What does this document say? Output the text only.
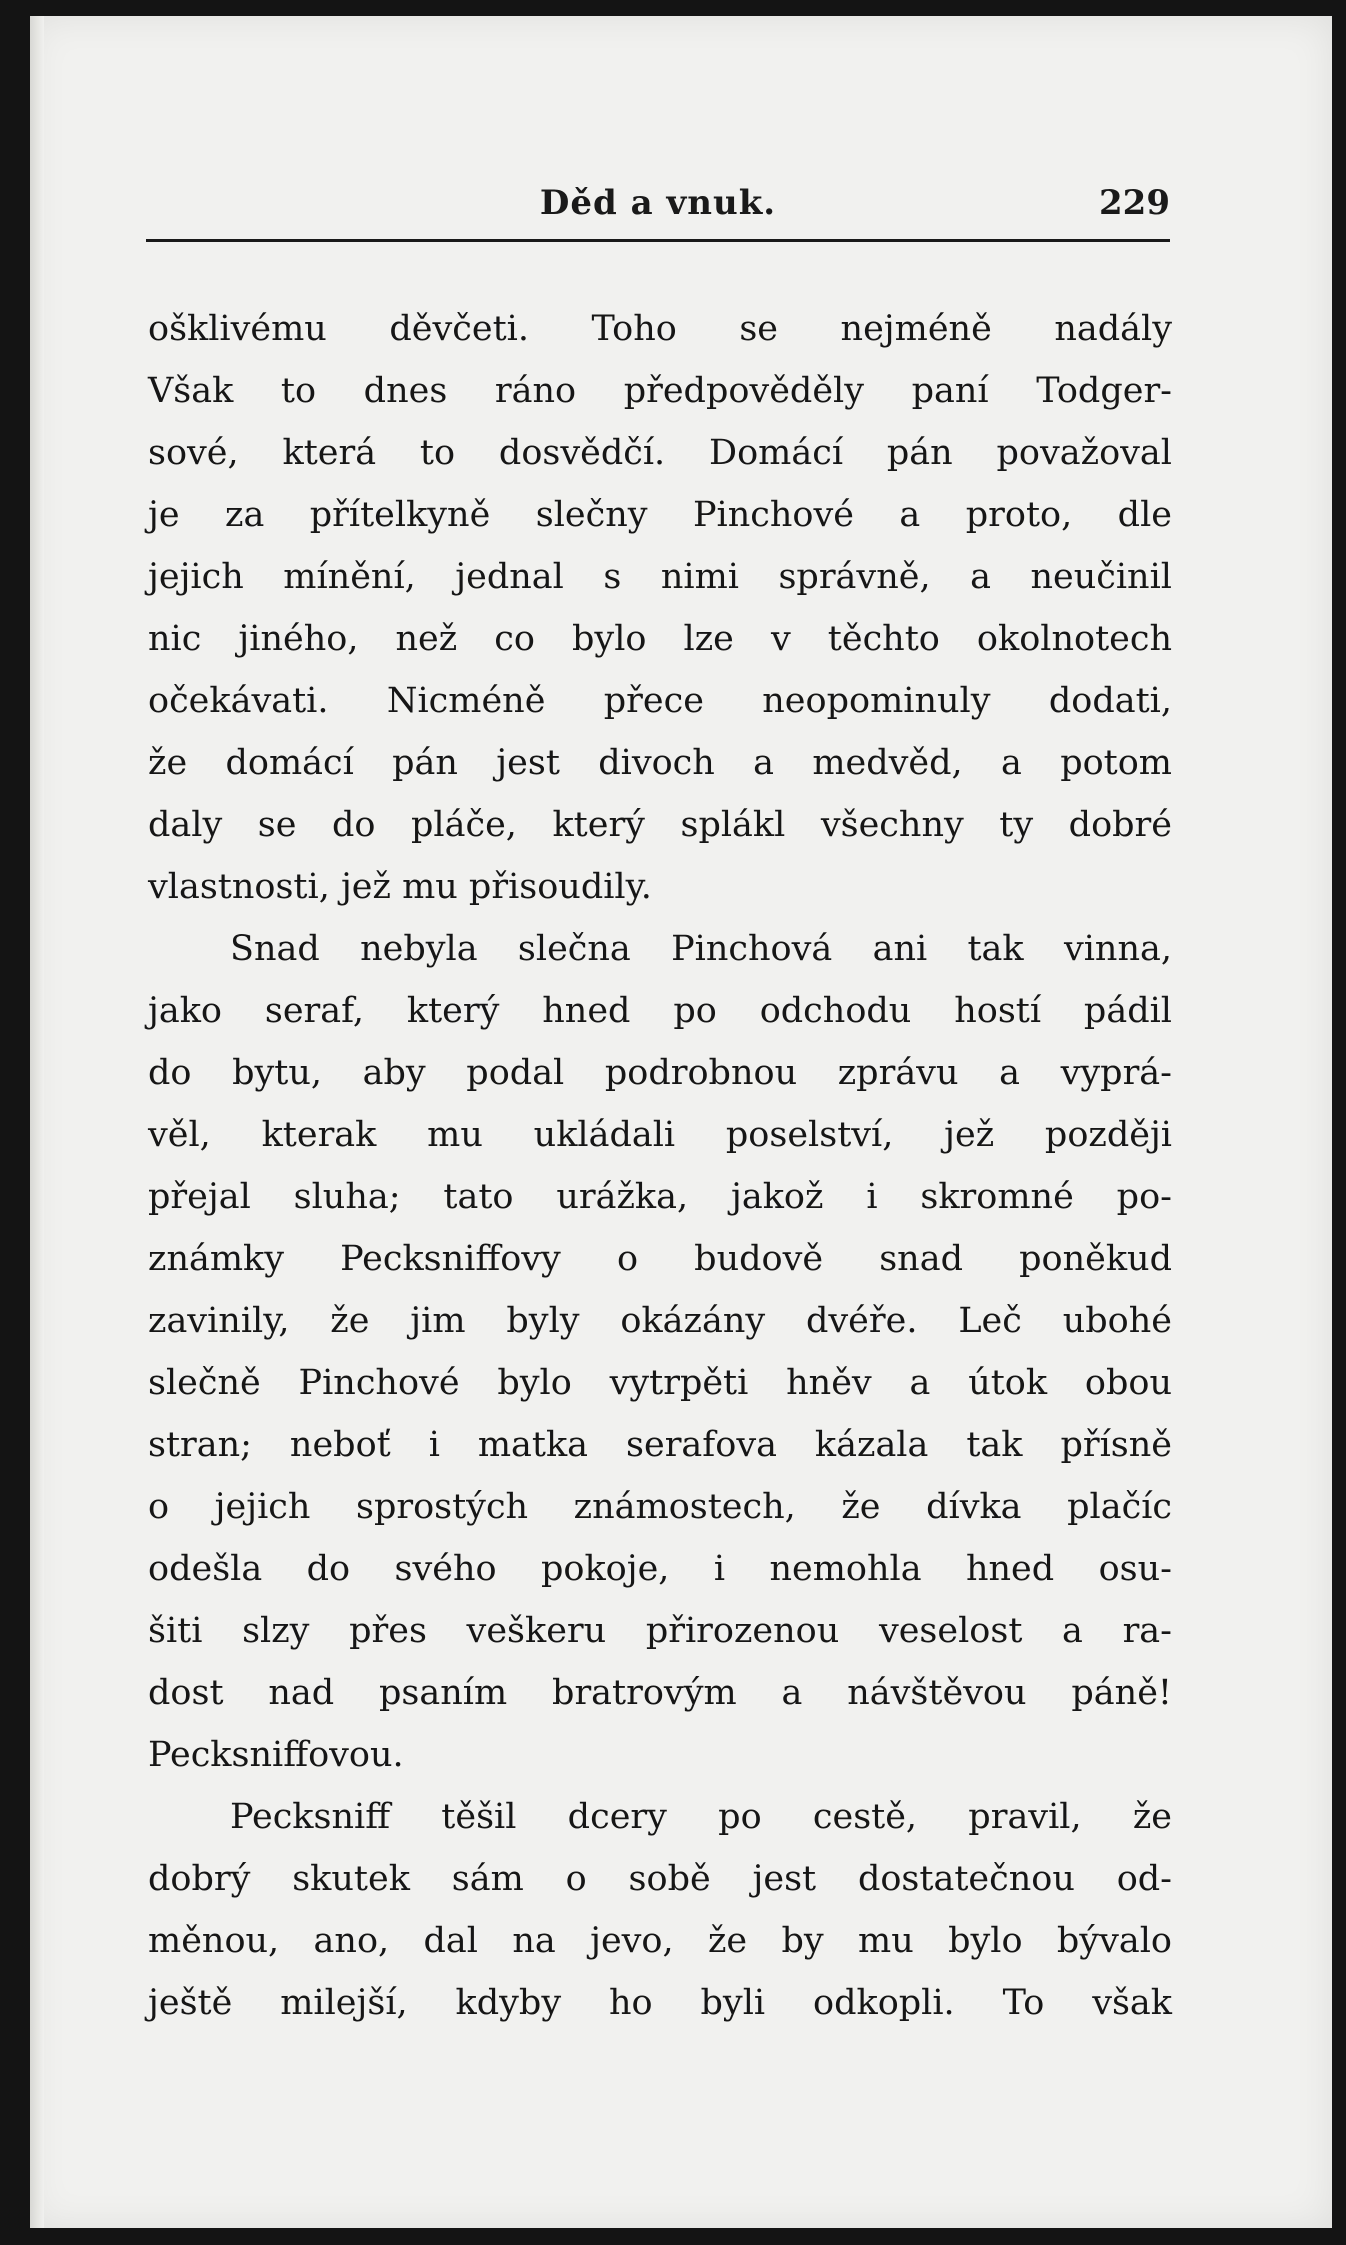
Děd a vnuk.	229

ošklivému děvčeti. Toho se nejméně nadály
Však to dnes ráno předpověděly paní Todger-
sové, která to dosvědčí. Domácí pán považoval
je za přítelkyně slečny Pinchové a proto, dle
jejich mínění, jednal s nimi správně, a neučinil
nic jiného, než co bylo lze v těchto okolnotech
očekávati. Nicméně přece neopominuly dodati,
že domácí pán jest divoch a medvěd, a potom
daly se do pláče, který splákl všechny ty dobré
vlastnosti, jež mu přisoudily.

Snad nebyla slečna Pinchová ani tak vinna,
jako seraf, který hned po odchodu hostí pádil
do bytu, aby podal podrobnou zprávu a vyprá-
věl, kterak mu ukládali poselství, jež později
přejal sluha; tato urážka, jakož i skromné po-
známky Pecksniffovy o budově snad poněkud
zavinily, že jim byly okázány dvéře. Leč ubohé
slečně Pinchové bylo vytrpěti hněv a útok obou
stran; neboť i matka serafova kázala tak přísně
o jejich sprostých známostech, že dívka plačíc
odešla do svého pokoje, i nemohla hned osu-
šiti slzy přes veškeru přirozenou veselost a ra-
dost nad psaním bratrovým a návštěvou páně!
Pecksniffovou.

Pecksniff těšil dcery po cestě, pravil, že
dobrý skutek sám o sobě jest dostatečnou od-
měnou, ano, dal na jevo, že by mu bylo bývalo
ještě milejší, kdyby ho byli odkopli. To však
